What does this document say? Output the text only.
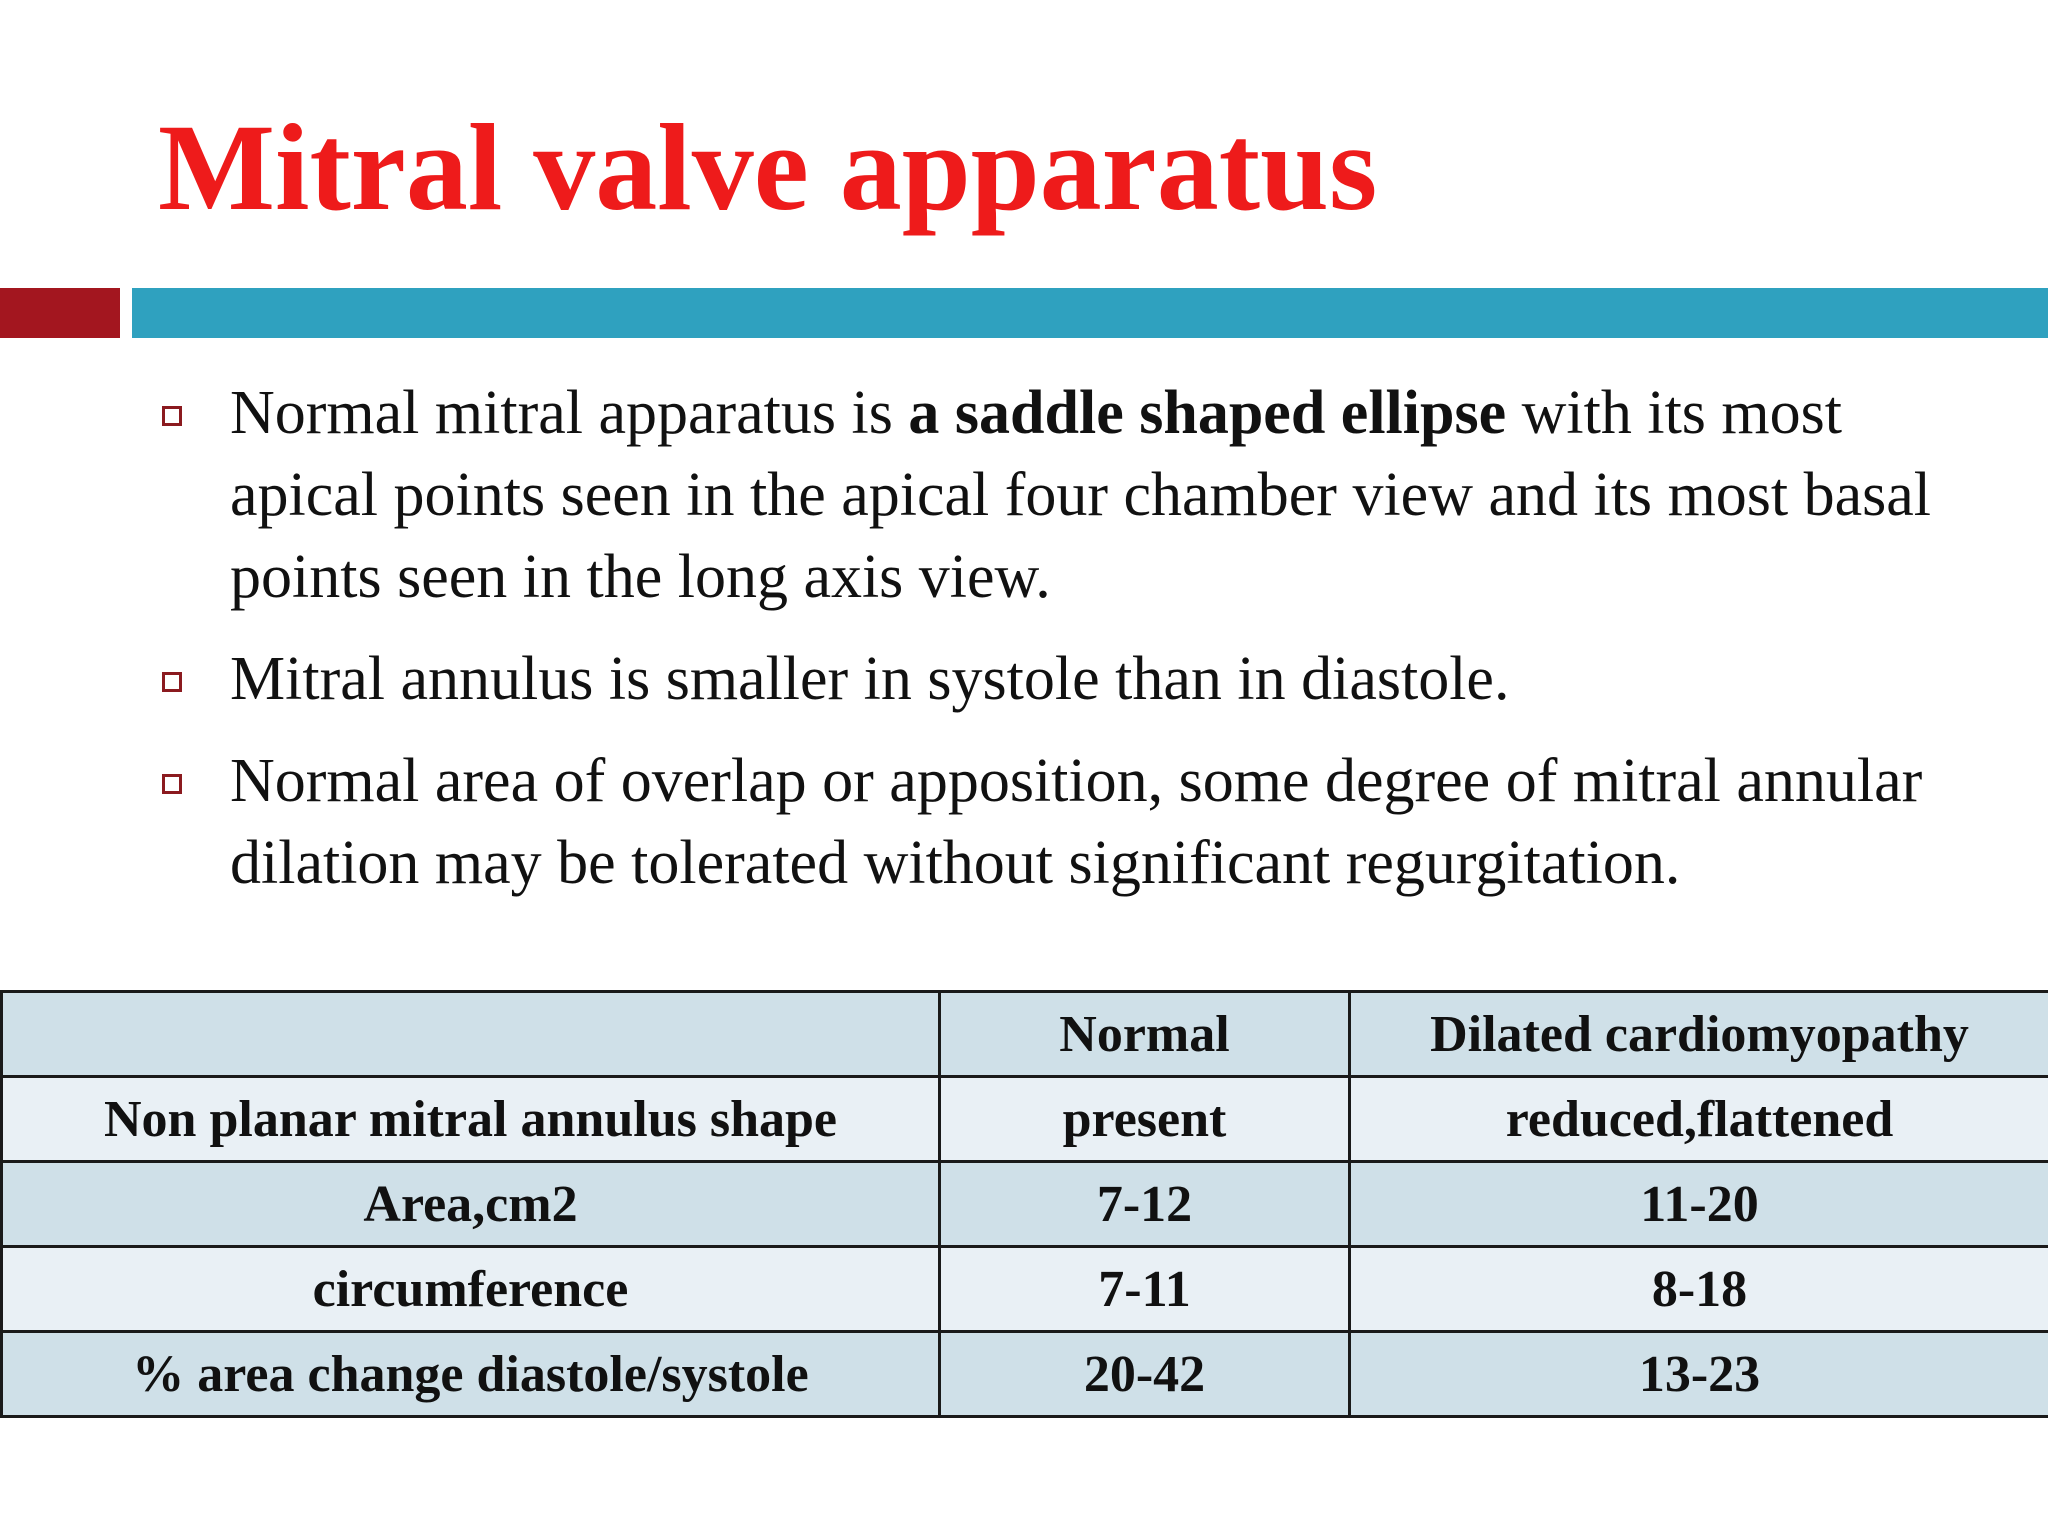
Mitral valve apparatus
Normal mitral apparatus is a saddle shaped ellipse with its most apical points seen in the apical four chamber view and its most basal points seen in the long axis view.
Mitral annulus is smaller in systole than in diastole.
Normal area of overlap or apposition, some degree of mitral annular dilation may be tolerated without significant regurgitation.
	Normal	Dilated cardiomyopathy
Non planar mitral annulus shape	present	reduced,flattened
Area,cm2	7-12	11-20
circumference	7-11	8-18
% area change diastole/systole	20-42	13-23
